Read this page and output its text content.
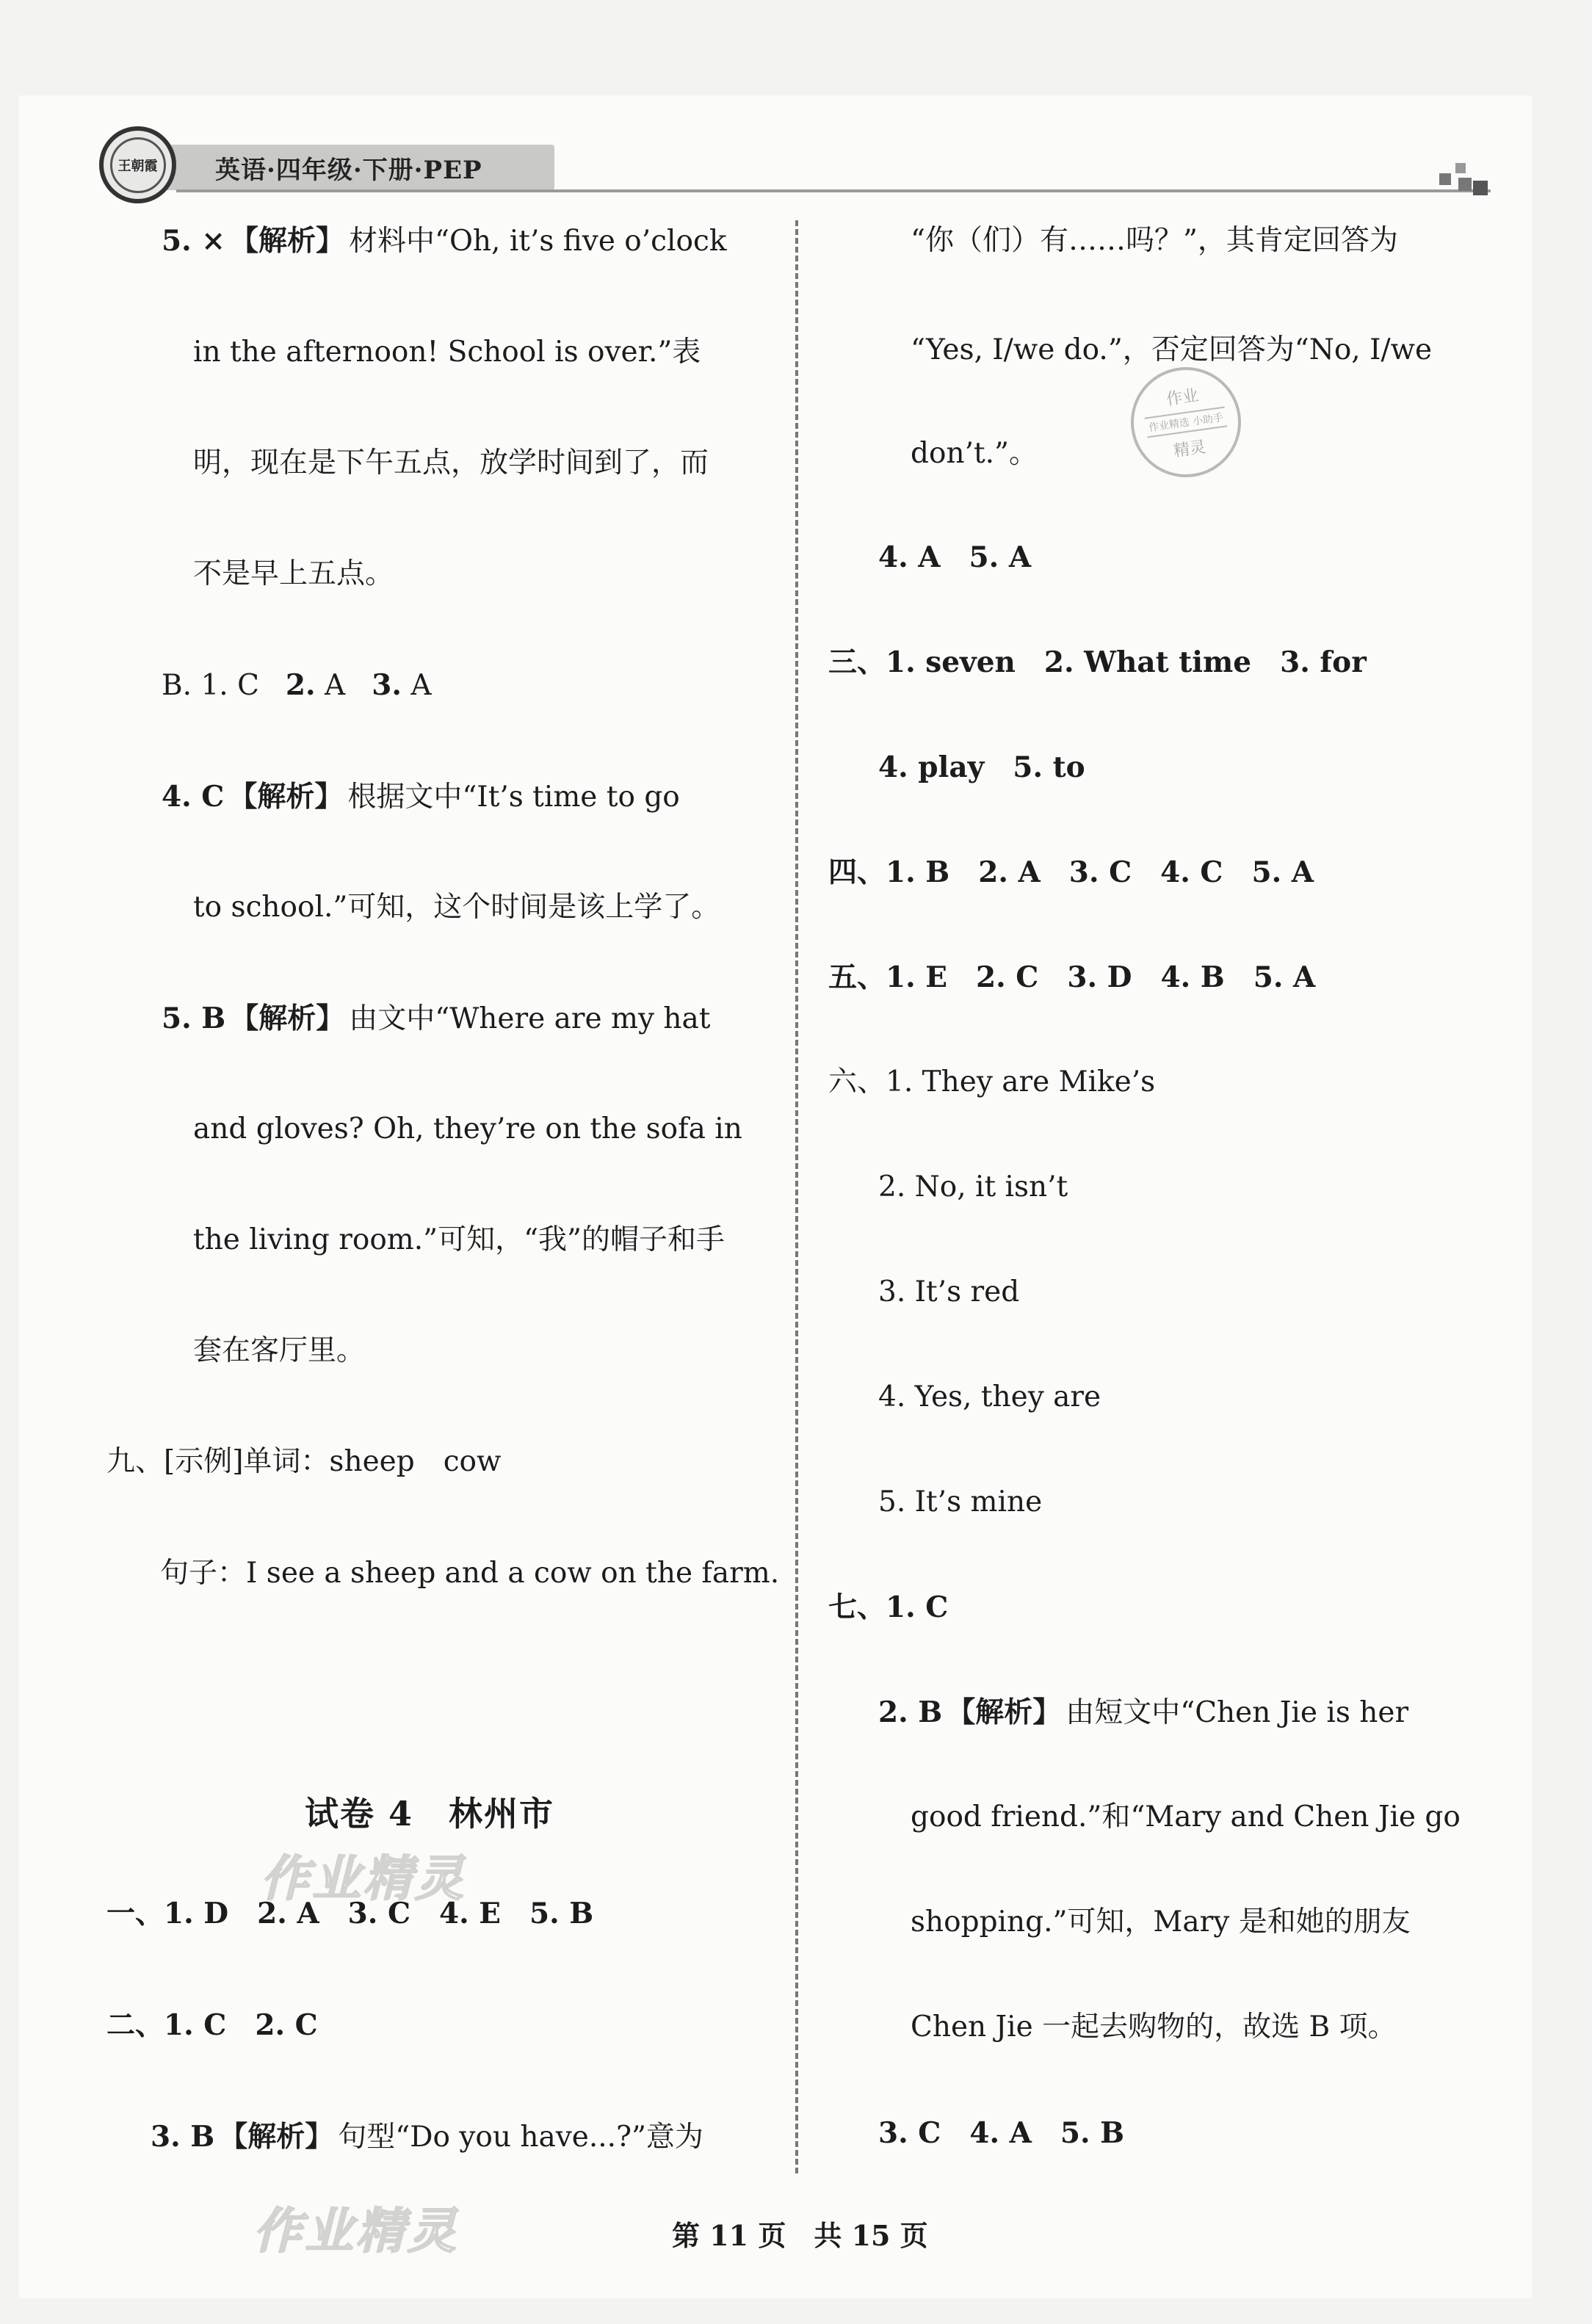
英语·四年级·下册·PEP
王朝霞
5. × 【解析】 材料中“Oh, it’s five o’clock
in the afternoon! School is over.”表
明，现在是下午五点，放学时间到了，而
不是早上五点。
B. 1. C 2. A 3. A
4. C 【解析】 根据文中“It’s time to go
to school.”可知，这个时间是该上学了。
5. B 【解析】 由文中“Where are my hat
and gloves? Oh, they’re on the sofa in
the living room.”可知，“我”的帽子和手
套在客厅里。
九、[示例]单词：sheep　cow
句子：I see a sheep and a cow on the farm.
试卷 4　林州市
一、1. D　2. A　3. C　4. E　5. B
二、1. C　2. C
3. B 【解析】 句型“Do you have...?”意为
“你（们）有……吗？”，其肯定回答为
“Yes, I/we do.”，否定回答为“No, I/we
don’t.”。
4. A　5. A
三、1. seven　2. What time　3. for
4. play　5. to
四、1. B　2. A　3. C　4. C　5. A
五、1. E　2. C　3. D　4. B　5. A
六、1. They are Mike’s
2. No, it isn’t
3. It’s red
4. Yes, they are
5. It’s mine
七、1. C
2. B 【解析】 由短文中“Chen Jie is her
good friend.”和“Mary and Chen Jie go
shopping.”可知，Mary 是和她的朋友
Chen Jie 一起去购物的，故选 B 项。
3. C　4. A　5. B
作业
作业精选 小助手
精灵
作业精灵
作业精灵	第 11 页　共 15 页
